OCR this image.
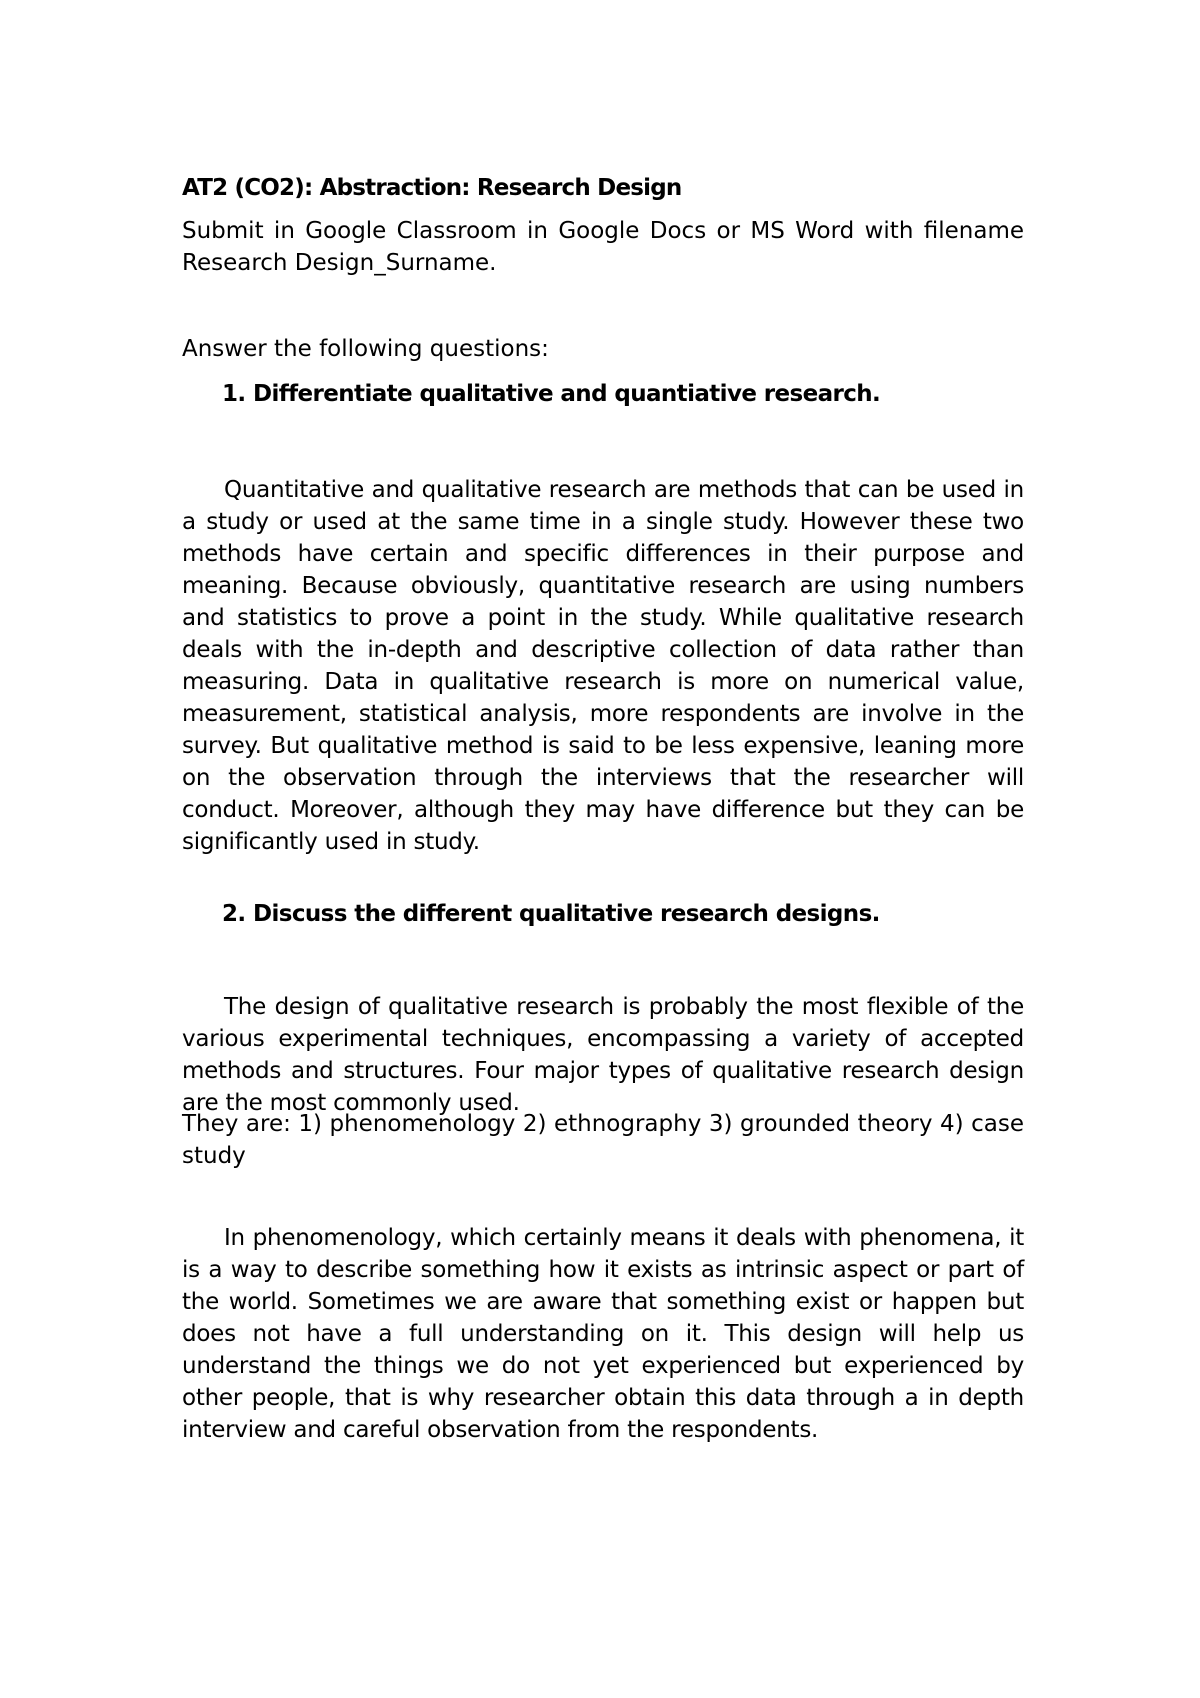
AT2 (CO2): Abstraction: Research Design

Submit in Google Classroom in Google Docs or MS Word with filename Research Design_Surname.

Answer the following questions:

1. Differentiate qualitative and quantiative research.

Quantitative and qualitative research are methods that can be used in a study or used at the same time in a single study. However these two methods have certain and specific differences in their purpose and meaning. Because obviously, quantitative research are using numbers and statistics to prove a point in the study. While qualitative research deals with the in-depth and descriptive collection of data rather than measuring. Data in qualitative research is more on numerical value, measurement, statistical analysis, more respondents are involve in the survey. But qualitative method is said to be less expensive, leaning more on the observation through the interviews that the researcher will conduct. Moreover, although they may have difference but they can be significantly used in study.

2. Discuss the different qualitative research designs.

The design of qualitative research is probably the most flexible of the various experimental techniques, encompassing a variety of accepted methods and structures. Four major types of qualitative research design are the most commonly used.

They are: 1) phenomenology 2) ethnography 3) grounded theory 4) case study

In phenomenology, which certainly means it deals with phenomena, it is a way to describe something how it exists as intrinsic aspect or part of the world. Sometimes we are aware that something exist or happen but does not have a full understanding on it. This design will help us understand the things we do not yet experienced but experienced by other people, that is why researcher obtain this data through a in depth interview and careful observation from the respondents.
